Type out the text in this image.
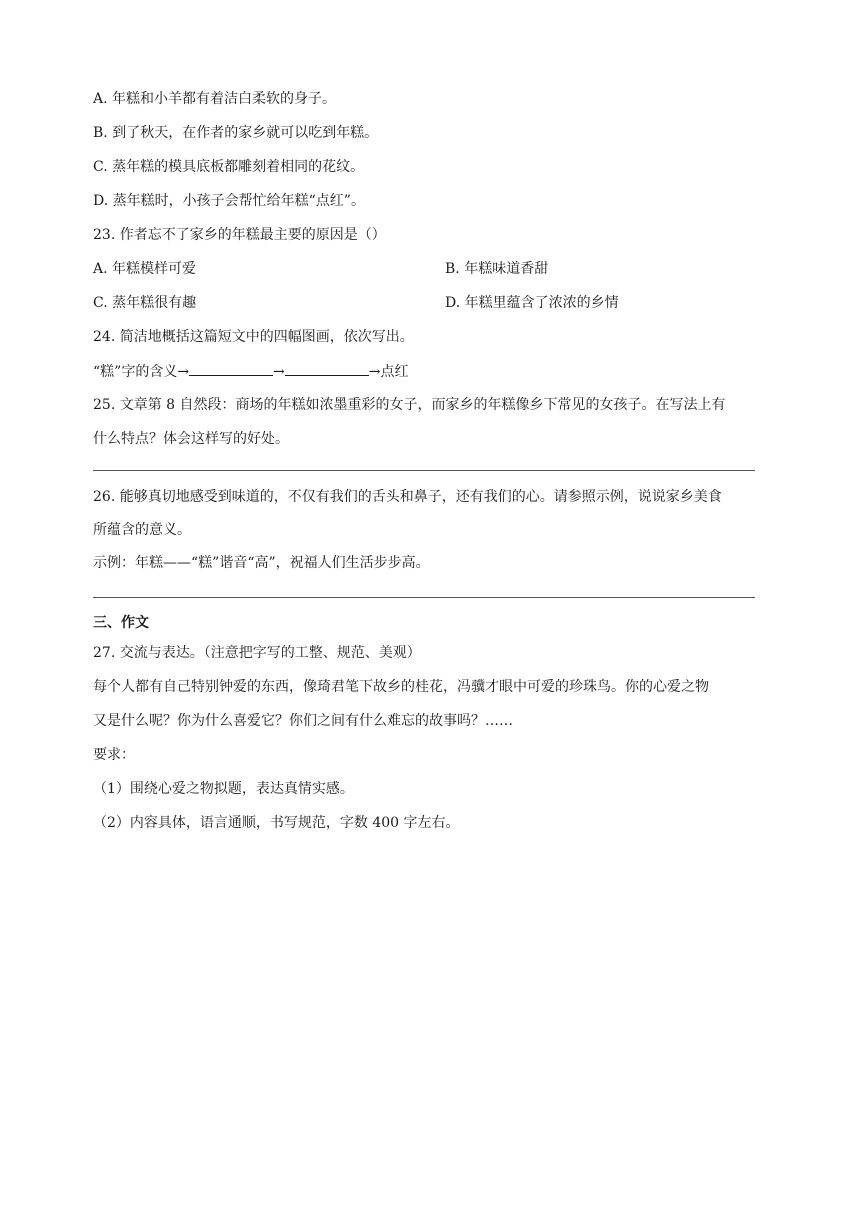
A. 年糕和小羊都有着洁白柔软的身子。
B. 到了秋天，在作者的家乡就可以吃到年糕。
C. 蒸年糕的模具底板都雕刻着相同的花纹。
D. 蒸年糕时，小孩子会帮忙给年糕“点红”。
23. 作者忘不了家乡的年糕最主要的原因是（）
A. 年糕模样可爱	B. 年糕味道香甜
C. 蒸年糕很有趣	D. 年糕里蕴含了浓浓的乡情
24. 简洁地概括这篇短文中的四幅图画，依次写出。
“糕”字的含义→	→	→点红
25. 文章第 8 自然段：商场的年糕如浓墨重彩的女子，而家乡的年糕像乡下常见的女孩子。在写法上有
什么特点？体会这样写的好处。
26. 能够真切地感受到味道的，不仅有我们的舌头和鼻子，还有我们的心。请参照示例，说说家乡美食
所蕴含的意义。
示例：年糕——“糕”谐音“高”，祝福人们生活步步高。
三、作文
27. 交流与表达。（注意把字写的工整、规范、美观）
每个人都有自己特别钟爱的东西，像琦君笔下故乡的桂花，冯骥才眼中可爱的珍珠鸟。你的心爱之物
又是什么呢？你为什么喜爱它？你们之间有什么难忘的故事吗？……
要求：
（1）围绕心爱之物拟题，表达真情实感。
（2）内容具体，语言通顺，书写规范，字数 400 字左右。
